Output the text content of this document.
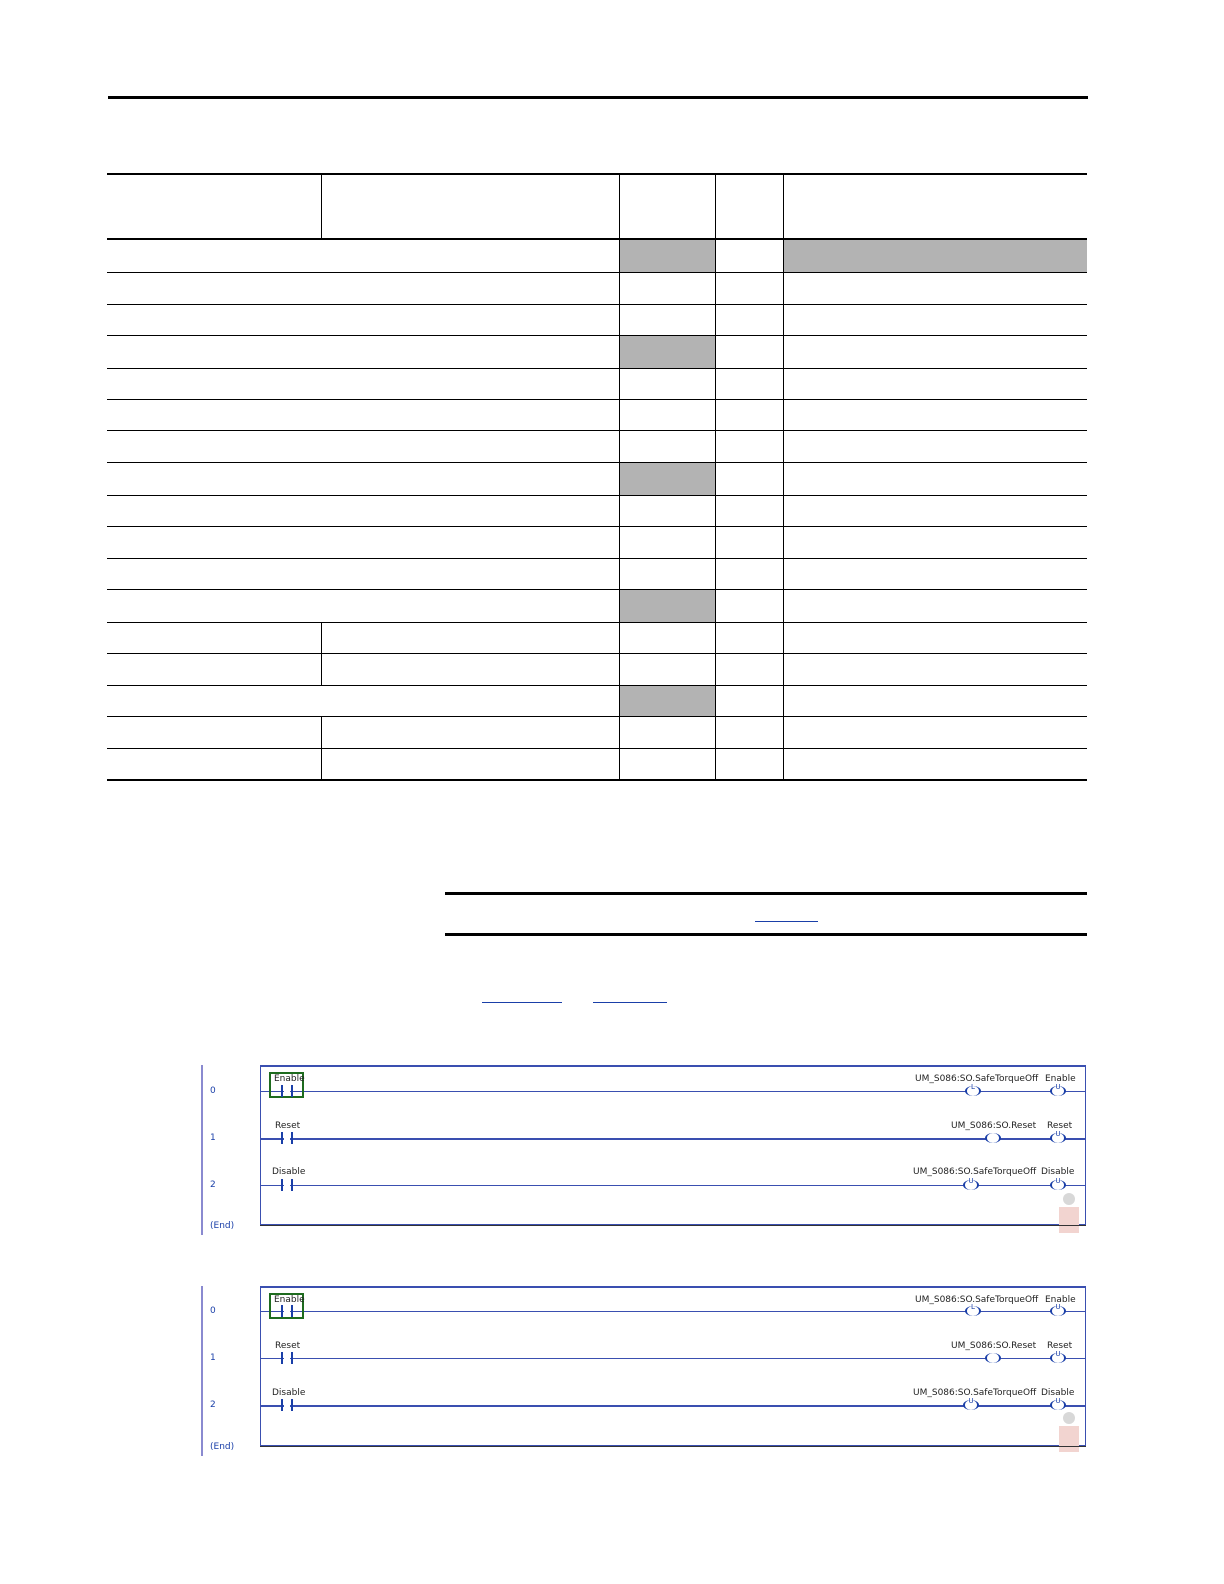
0
Enable	UM_S086:SO.SafeTorqueOff
L
Enable
U
1
Reset	UM_S086:SO.Reset Reset
U
2
Disable	UM_S086:SO.SafeTorqueOff
U
Disable
U
(End)
0
Enable	UM_S086:SO.SafeTorqueOff
L
Enable
U
1
Reset	UM_S086:SO.Reset Reset
U
2
Disable	UM_S086:SO.SafeTorqueOff
U
Disable
U
(End)
